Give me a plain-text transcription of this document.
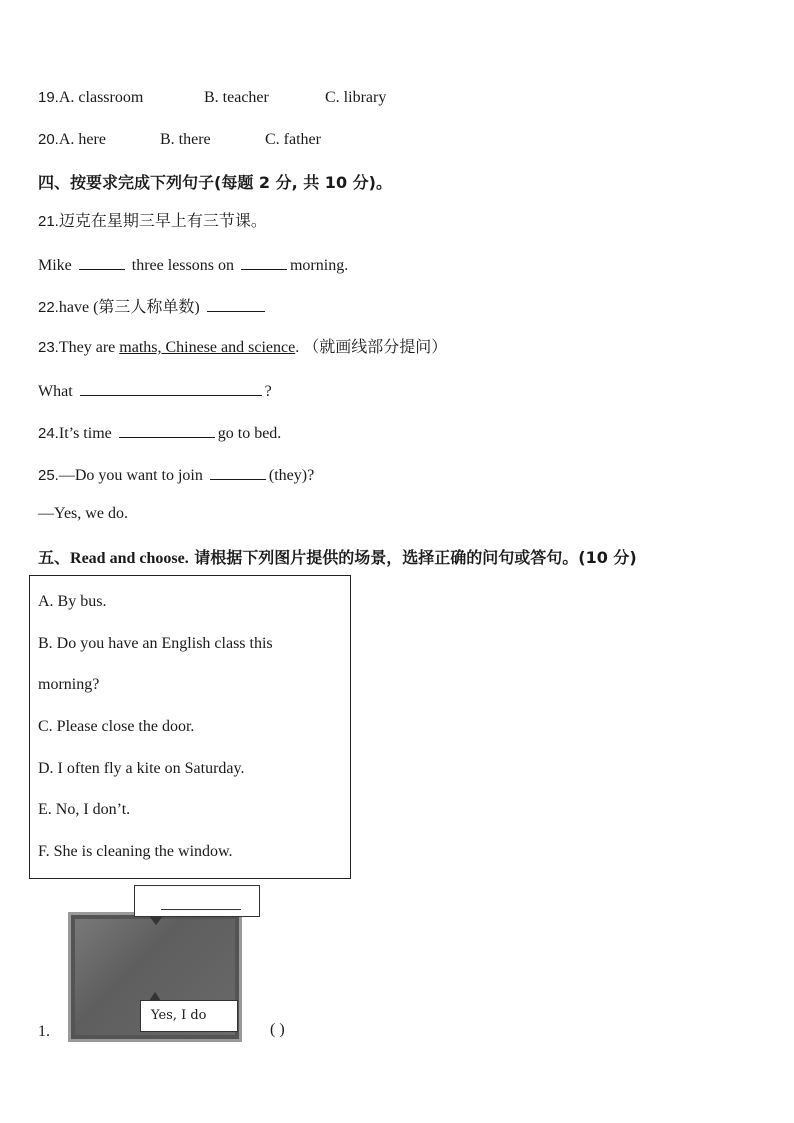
19.A. classroom	B. teacher	C. library
20.A. here	B. there	C. father
四、按要求完成下列句子(每题 2 分, 共 10 分)。
21.迈克在星期三早上有三节课。
Mike	three lessons on	morning.
22.have (第三人称单数)
23.They are maths, Chinese and science. （就画线部分提问）
What	?
24.It’s time	go to bed.
25.—Do you want to join	(they)?
—Yes, we do.
五、Read and choose. 请根据下列图片提供的场景，选择正确的问句或答句。(10 分)
A. By bus.
B. Do you have an English class this
morning?
C. Please close the door.
D. I often fly a kite on Saturday.
E. No, I don’t.
F. She is cleaning the window.
1.
Yes, I do
( )
